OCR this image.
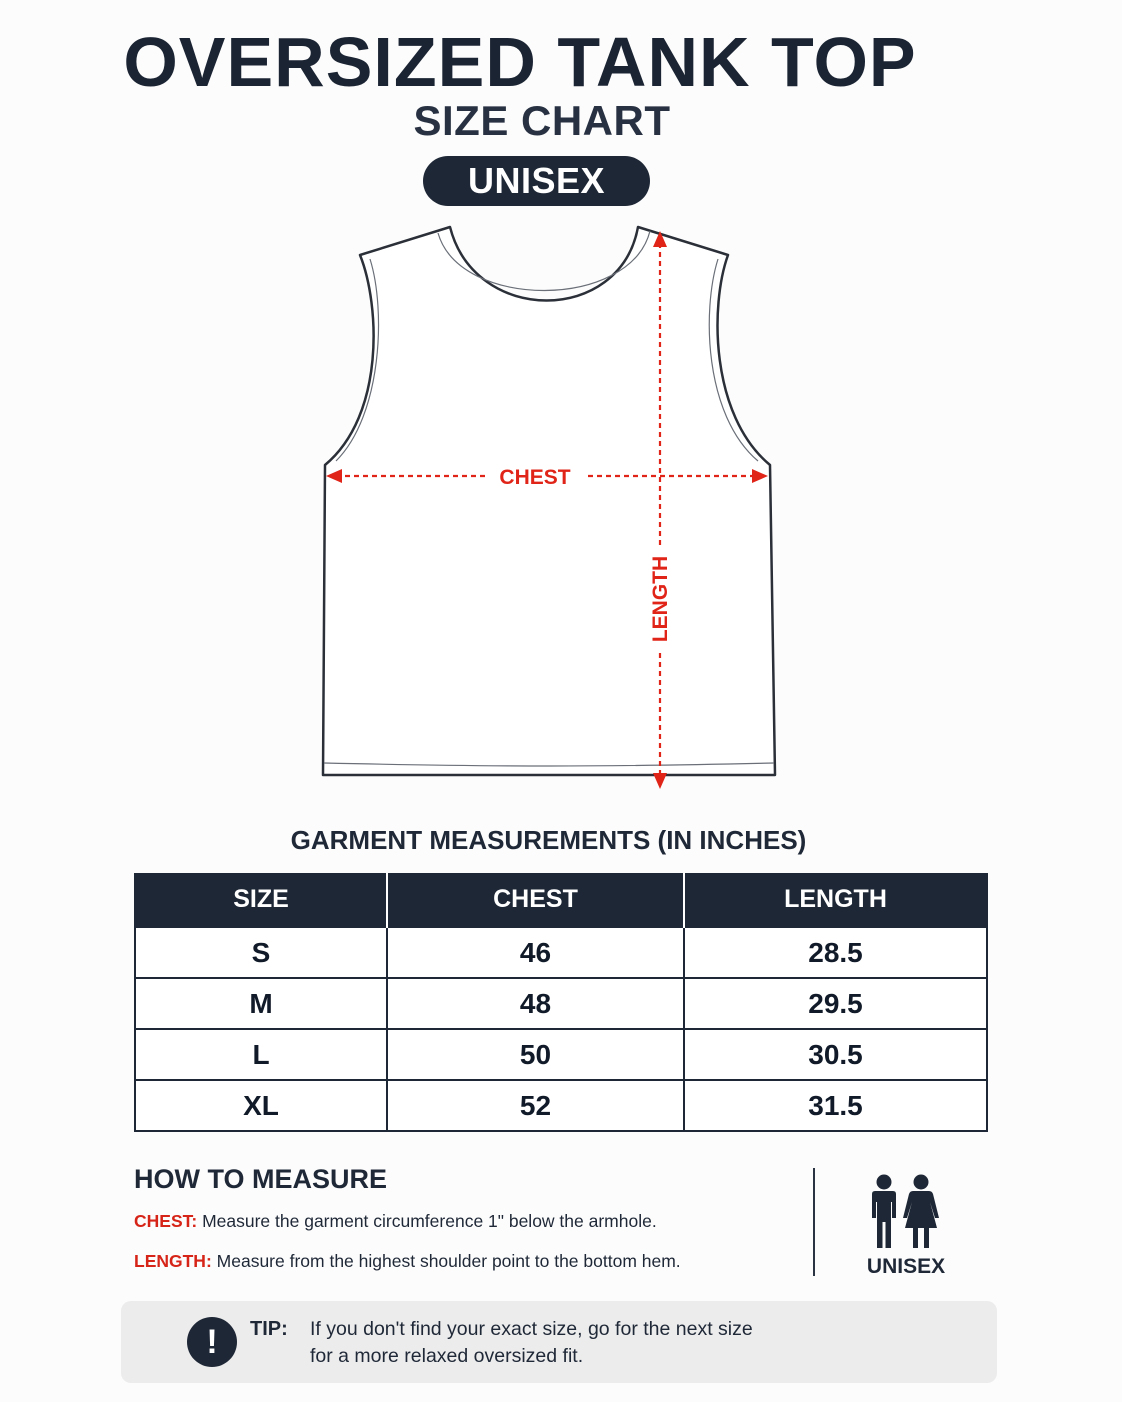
OVERSIZED TANK TOP
SIZE CHART
UNISEX
CHEST
LENGTH
GARMENT MEASUREMENTS (IN INCHES)
SIZE	CHEST	LENGTH
S	46	28.5
M	48	29.5
L	50	30.5
XL	52	31.5
HOW TO MEASURE
CHEST: Measure the garment circumference 1" below the armhole.
LENGTH: Measure from the highest shoulder point to the bottom hem.	UNISEX
!	TIP: If you don't find your exact size, go for the next size
for a more relaxed oversized fit.
